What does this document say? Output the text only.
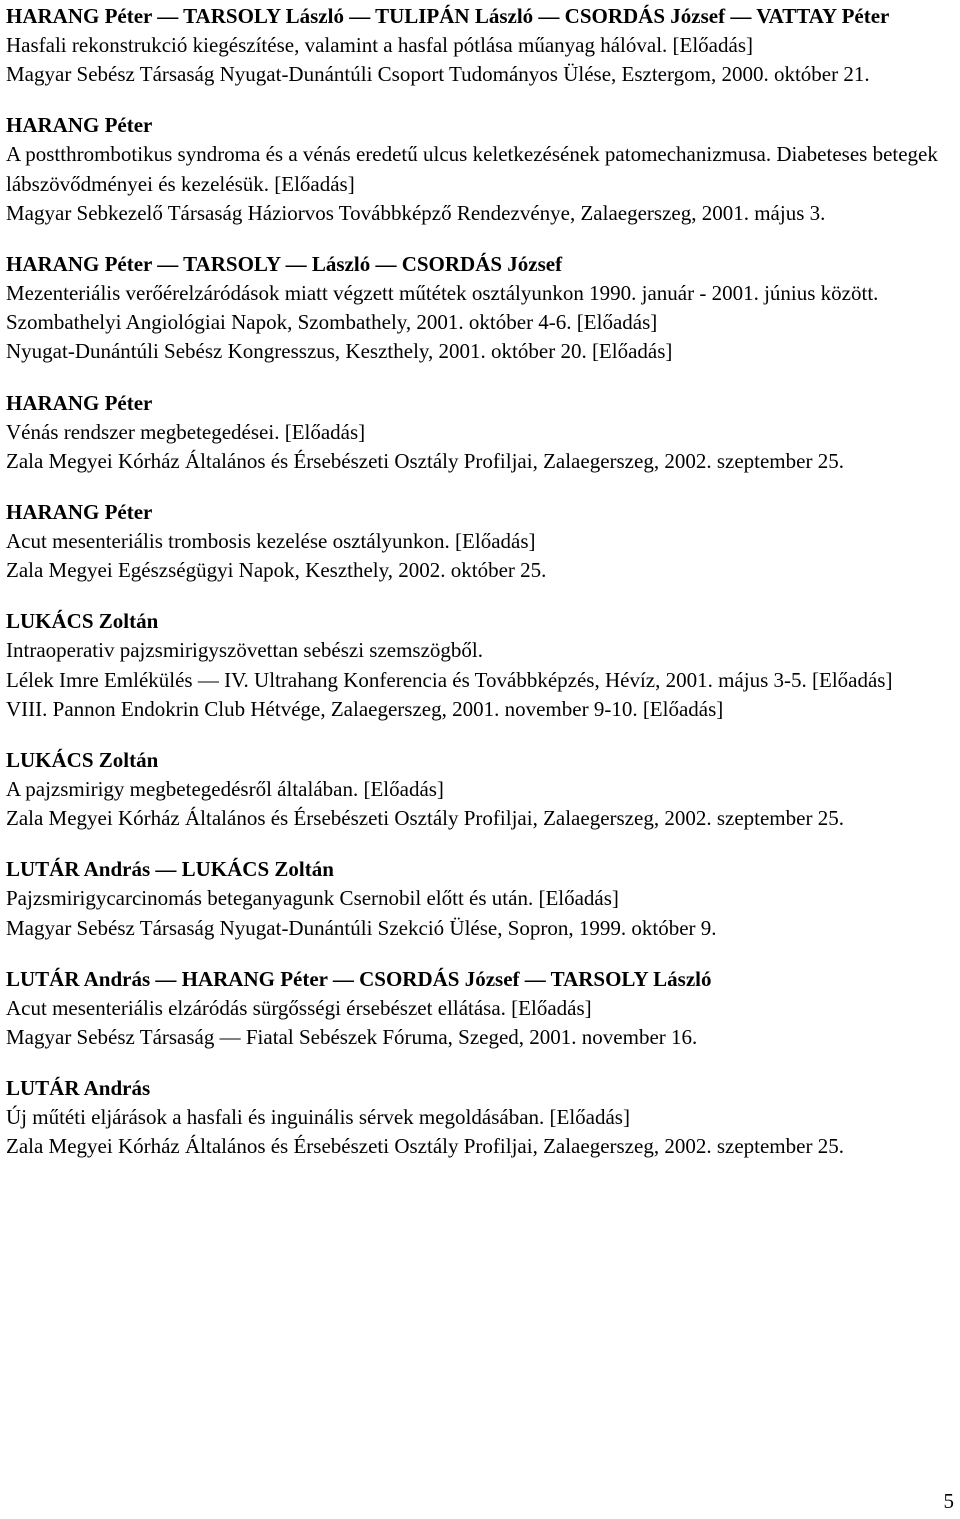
HARANG Péter — TARSOLY László — TULIPÁN László — CSORDÁS József — VATTAY Péter
Hasfali rekonstrukció kiegészítése, valamint a hasfal pótlása műanyag hálóval. [Előadás]
Magyar Sebész Társaság Nyugat-Dunántúli Csoport Tudományos Ülése, Esztergom, 2000. október 21.
HARANG Péter
A postthrombotikus syndroma és a vénás eredetű ulcus keletkezésének patomechanizmusa. Diabeteses betegek lábszövődményei és kezelésük. [Előadás]
Magyar Sebkezelő Társaság Háziorvos Továbbképző Rendezvénye, Zalaegerszeg, 2001. május 3.
HARANG Péter — TARSOLY — László — CSORDÁS József
Mezenteriális verőérelzáródások miatt végzett műtétek osztályunkon 1990. január - 2001. június között.
Szombathelyi Angiológiai Napok, Szombathely, 2001. október 4-6. [Előadás]
Nyugat-Dunántúli Sebész Kongresszus, Keszthely, 2001. október 20. [Előadás]
HARANG Péter
Vénás rendszer megbetegedései. [Előadás]
Zala Megyei Kórház Általános és Érsebészeti Osztály Profiljai, Zalaegerszeg, 2002. szeptember 25.
HARANG Péter
Acut mesenteriális trombosis kezelése osztályunkon. [Előadás]
Zala Megyei Egészségügyi Napok, Keszthely, 2002. október 25.
LUKÁCS Zoltán
Intraoperativ pajzsmirigyszövettan sebészi szemszögből.
Lélek Imre Emlékülés — IV. Ultrahang Konferencia és Továbbképzés, Hévíz, 2001. május 3-5. [Előadás]
VIII. Pannon Endokrin Club Hétvége, Zalaegerszeg, 2001. november 9-10. [Előadás]
LUKÁCS Zoltán
A pajzsmirigy megbetegedésről általában. [Előadás]
Zala Megyei Kórház Általános és Érsebészeti Osztály Profiljai, Zalaegerszeg, 2002. szeptember 25.
LUTÁR András — LUKÁCS Zoltán
Pajzsmirigycarcinomás beteganyagunk Csernobil előtt és után. [Előadás]
Magyar Sebész Társaság Nyugat-Dunántúli Szekció Ülése, Sopron, 1999. október 9.
LUTÁR András — HARANG Péter — CSORDÁS József — TARSOLY László
Acut mesenteriális elzáródás sürgősségi érsebészet ellátása. [Előadás]
Magyar Sebész Társaság — Fiatal Sebészek Fóruma, Szeged, 2001. november 16.
LUTÁR András
Új műtéti eljárások a hasfali és inguinális sérvek megoldásában. [Előadás]
Zala Megyei Kórház Általános és Érsebészeti Osztály Profiljai, Zalaegerszeg, 2002. szeptember 25.
5
